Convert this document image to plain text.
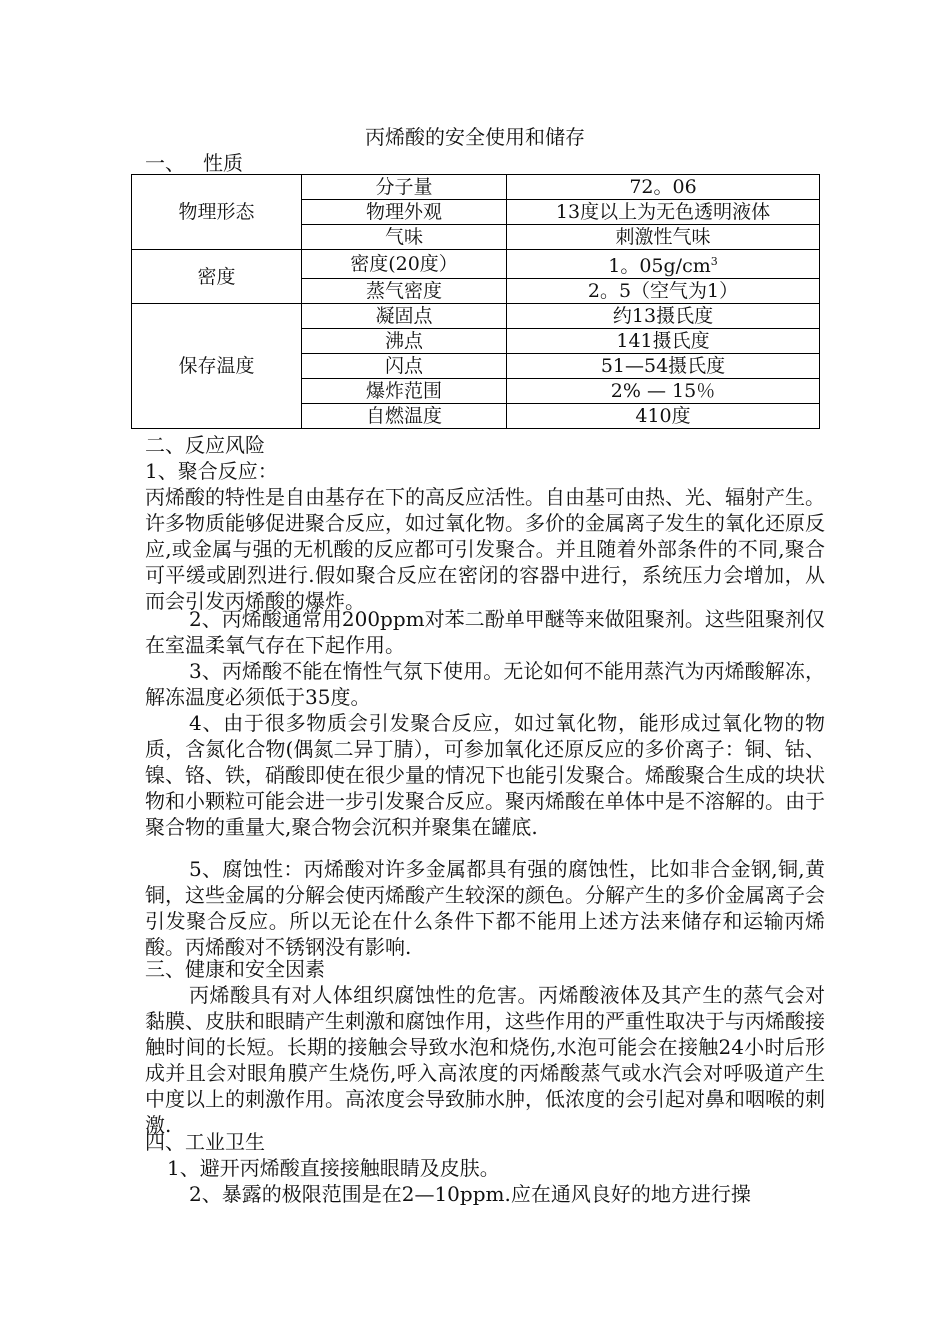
丙烯酸的安全使用和储存
一、 性质
物理形态	分子量	72。06
	物理外观	13度以上为无色透明液体
	气味	刺激性气味
密度	密度(20度）	1。$05g/cm^3$
	蒸气密度	2。5（空气为1）
保存温度	凝固点	约13摄氏度
	沸点	141摄氏度
	闪点	51—54摄氏度
	爆炸范围	2% — 15％
	自燃温度	410度
二、反应风险
1、聚合反应：
丙烯酸的特性是自由基存在下的高反应活性。自由基可由热、光、辐射产生。许多物质能够促进聚合反应，如过氧化物。多价的金属离子发生的氧化还原反应,或金属与强的无机酸的反应都可引发聚合。并且随着外部条件的不同,聚合可平缓或剧烈进行.假如聚合反应在密闭的容器中进行，系统压力会增加，从而会引发丙烯酸的爆炸。
2、丙烯酸通常用200ppm对苯二酚单甲醚等来做阻聚剂。这些阻聚剂仅在室温柔氧气存在下起作用。
3、丙烯酸不能在惰性气氛下使用。无论如何不能用蒸汽为丙烯酸解冻，解冻温度必须低于35度。
4、由于很多物质会引发聚合反应，如过氧化物，能形成过氧化物的物质，含氮化合物(偶氮二异丁腈），可参加氧化还原反应的多价离子：铜、钴、镍、铬、铁，硝酸即使在很少量的情况下也能引发聚合。烯酸聚合生成的块状物和小颗粒可能会进一步引发聚合反应。聚丙烯酸在单体中是不溶解的。由于聚合物的重量大,聚合物会沉积并聚集在罐底.
5、腐蚀性：丙烯酸对许多金属都具有强的腐蚀性，比如非合金钢,铜,黄铜，这些金属的分解会使丙烯酸产生较深的颜色。分解产生的多价金属离子会引发聚合反应。所以无论在什么条件下都不能用上述方法来储存和运输丙烯酸。丙烯酸对不锈钢没有影响.
三、健康和安全因素
丙烯酸具有对人体组织腐蚀性的危害。丙烯酸液体及其产生的蒸气会对黏膜、皮肤和眼睛产生刺激和腐蚀作用，这些作用的严重性取决于与丙烯酸接触时间的长短。长期的接触会导致水泡和烧伤,水泡可能会在接触24小时后形成并且会对眼角膜产生烧伤,呼入高浓度的丙烯酸蒸气或水汽会对呼吸道产生中度以上的刺激作用。高浓度会导致肺水肿，低浓度的会引起对鼻和咽喉的刺激.
四、工业卫生
1、避开丙烯酸直接接触眼睛及皮肤。
2、暴露的极限范围是在2—10ppm.应在通风良好的地方进行操
